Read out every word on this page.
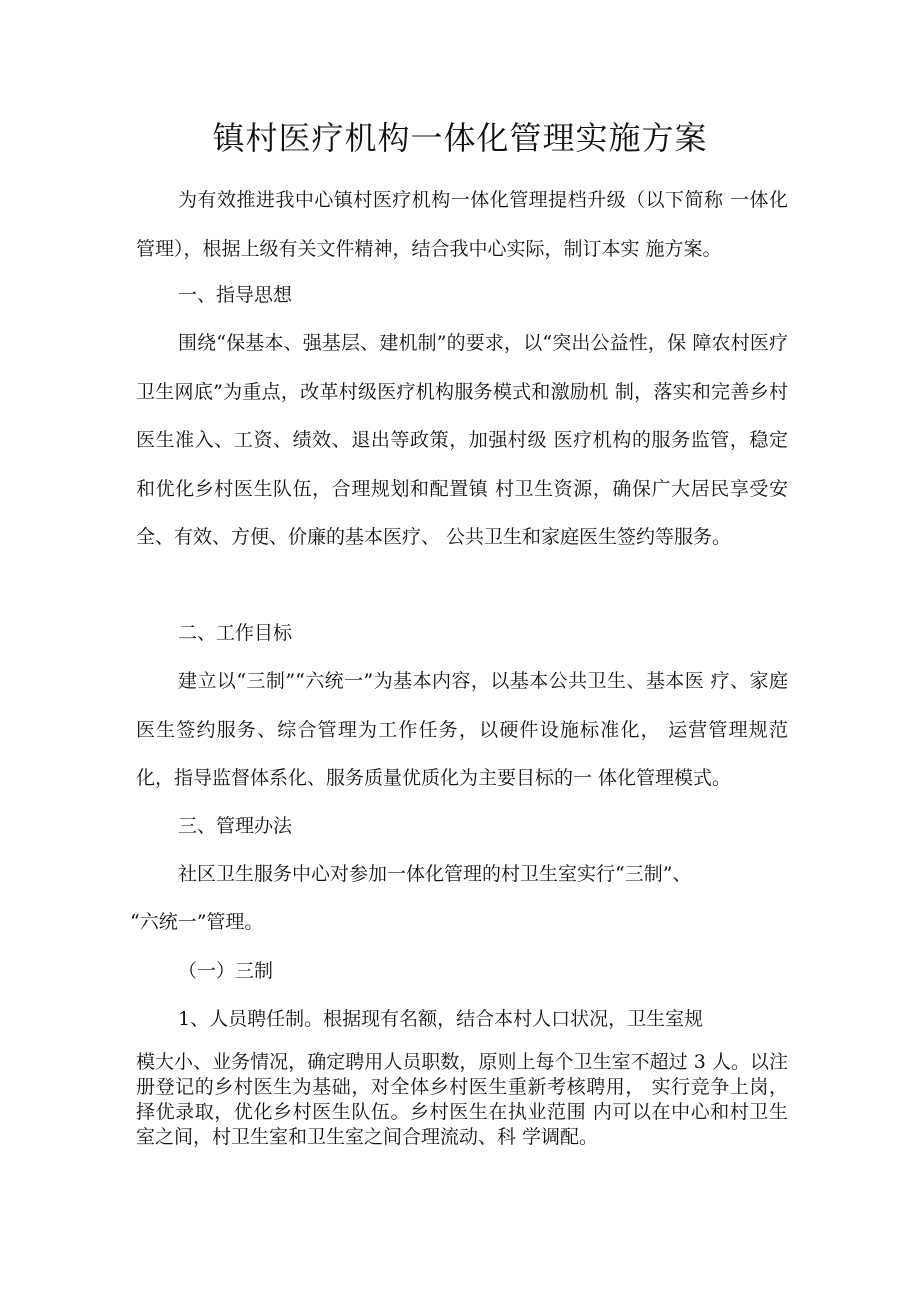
镇村医疗机构一体化管理实施方案

为有效推进我中心镇村医疗机构一体化管理提档升级（以下简称 一体化管理），根据上级有关文件精神，结合我中心实际，制订本实 施方案。

一、指导思想

围绕“保基本、强基层、建机制”的要求，以“突出公益性，保 障农村医疗卫生网底”为重点，改革村级医疗机构服务模式和激励机 制，落实和完善乡村医生准入、工资、绩效、退出等政策，加强村级 医疗机构的服务监管，稳定和优化乡村医生队伍，合理规划和配置镇 村卫生资源，确保广大居民享受安全、有效、方便、价廉的基本医疗、 公共卫生和家庭医生签约等服务。

二、工作目标

建立以“三制”“六统一”为基本内容，以基本公共卫生、基本医 疗、家庭医生签约服务、综合管理为工作任务，以硬件设施标准化， 运营管理规范化，指导监督体系化、服务质量优质化为主要目标的一 体化管理模式。

三、管理办法

社区卫生服务中心对参加一体化管理的村卫生室实行“三制”、

“六统一”管理。

（一）三制

1、人员聘任制。根据现有名额，结合本村人口状况，卫生室规

模大小、业务情况，确定聘用人员职数，原则上每个卫生室不超过 3 人。以注册登记的乡村医生为基础，对全体乡村医生重新考核聘用， 实行竞争上岗，择优录取，优化乡村医生队伍。乡村医生在执业范围 内可以在中心和村卫生室之间，村卫生室和卫生室之间合理流动、科 学调配。
